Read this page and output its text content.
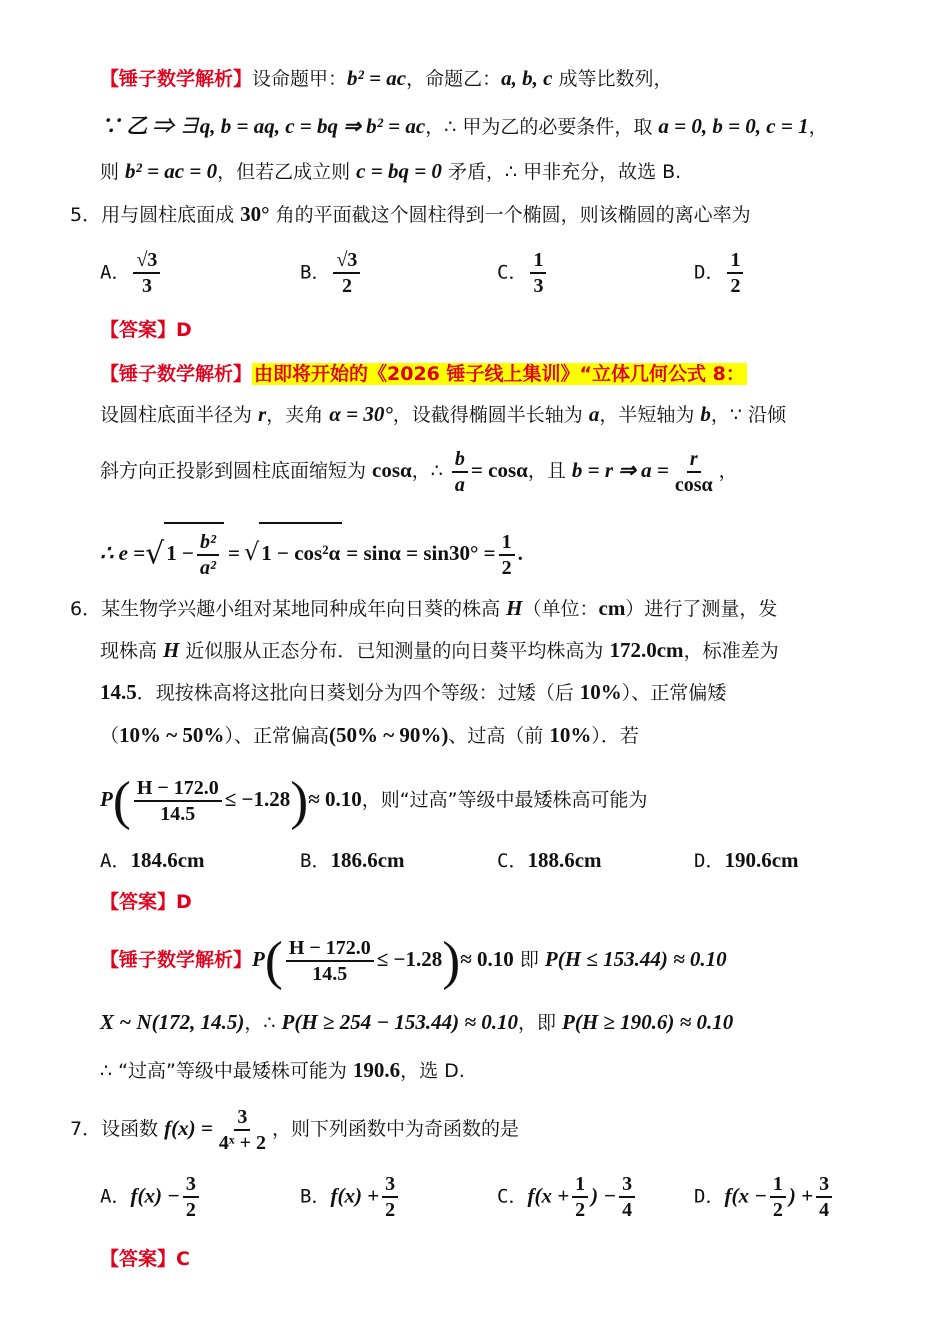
【锤子数学解析】设命题甲：b² = ac，命题乙：a, b, c 成等比数列，
∵ 乙 ⇒ ∃q, b = aq, c = bq ⇒ b² = ac，∴ 甲为乙的必要条件，取 a = 0, b = 0, c = 1，
则 b² = ac = 0，但若乙成立则 c = bq = 0 矛盾，∴ 甲非充分，故选 B.
5．用与圆柱底面成 30° 角的平面截这个圆柱得到一个椭圆，则该椭圆的离心率为
A． $\frac{√3}{3}$	B． $\frac{√3}{2}$	C． $\frac{1}{3}$	D． $\frac{1}{2}$
【答案】D
【锤子数学解析】 由即将开始的《2026 锤子线上集训》“立体几何公式 8：
设圆柱底面半径为 r，夹角 α = 30°，设截得椭圆半长轴为 a，半短轴为 b，∵ 沿倾
斜方向正投影到圆柱底面缩短为 cosα，∴ $\frac{b}{a} = \cos\alpha$，且 b = r ⇒ $a = \frac{r}{\cos\alpha}$ ，
∴ $e =√1 - \frac{\text{b²}}{\text{a²}} = √1 - \cos^2\alpha = \sin\alpha = \sin 30^\circ = \frac{1}{2}$ .
6．某生物学兴趣小组对某地同种成年向日葵的株高 H（单位：cm）进行了测量，发
现株高 H 近似服从正态分布．已知测量的向日葵平均株高为 172.0cm，标准差为
14.5．现按株高将这批向日葵划分为四个等级：过矮（后 10%）、正常偏矮
（10% ~ 50%）、正常偏高(50% ~ 90%)、过高（前 10%）．若
$P( \frac{H - 172.0}{14.5} \le -1.28)\approx 0.10$，则“过高”等级中最矮株高可能为
A．184.6cm	B．186.6cm	C．188.6cm	D．190.6cm
【答案】D
【锤子数学解析】$P( \frac{H - 172.0}{14.5} \le -1.28)\approx 0.10$ 即 P(H ≤ 153.44) ≈ 0.10
X ~ N(172, 14.5)，∴ P(H ≥ 254 − 153.44) ≈ 0.10，即 P(H ≥ 190.6) ≈ 0.10
∴ “过高”等级中最矮株可能为 190.6，选 D.
7．设函数 $f(x) = \frac{3}{\text{4ˣ + 2}}$ ，则下列函数中为奇函数的是
A．$f(x) - \frac{3}{2}$	B．$f(x) + \frac{3}{2}$	C．$f(x + \frac{1}{2}$ ) − $\frac{3}{4}$	D．$f(x - \frac{1}{2}$ ) + $\frac{3}{4}$
【答案】C
